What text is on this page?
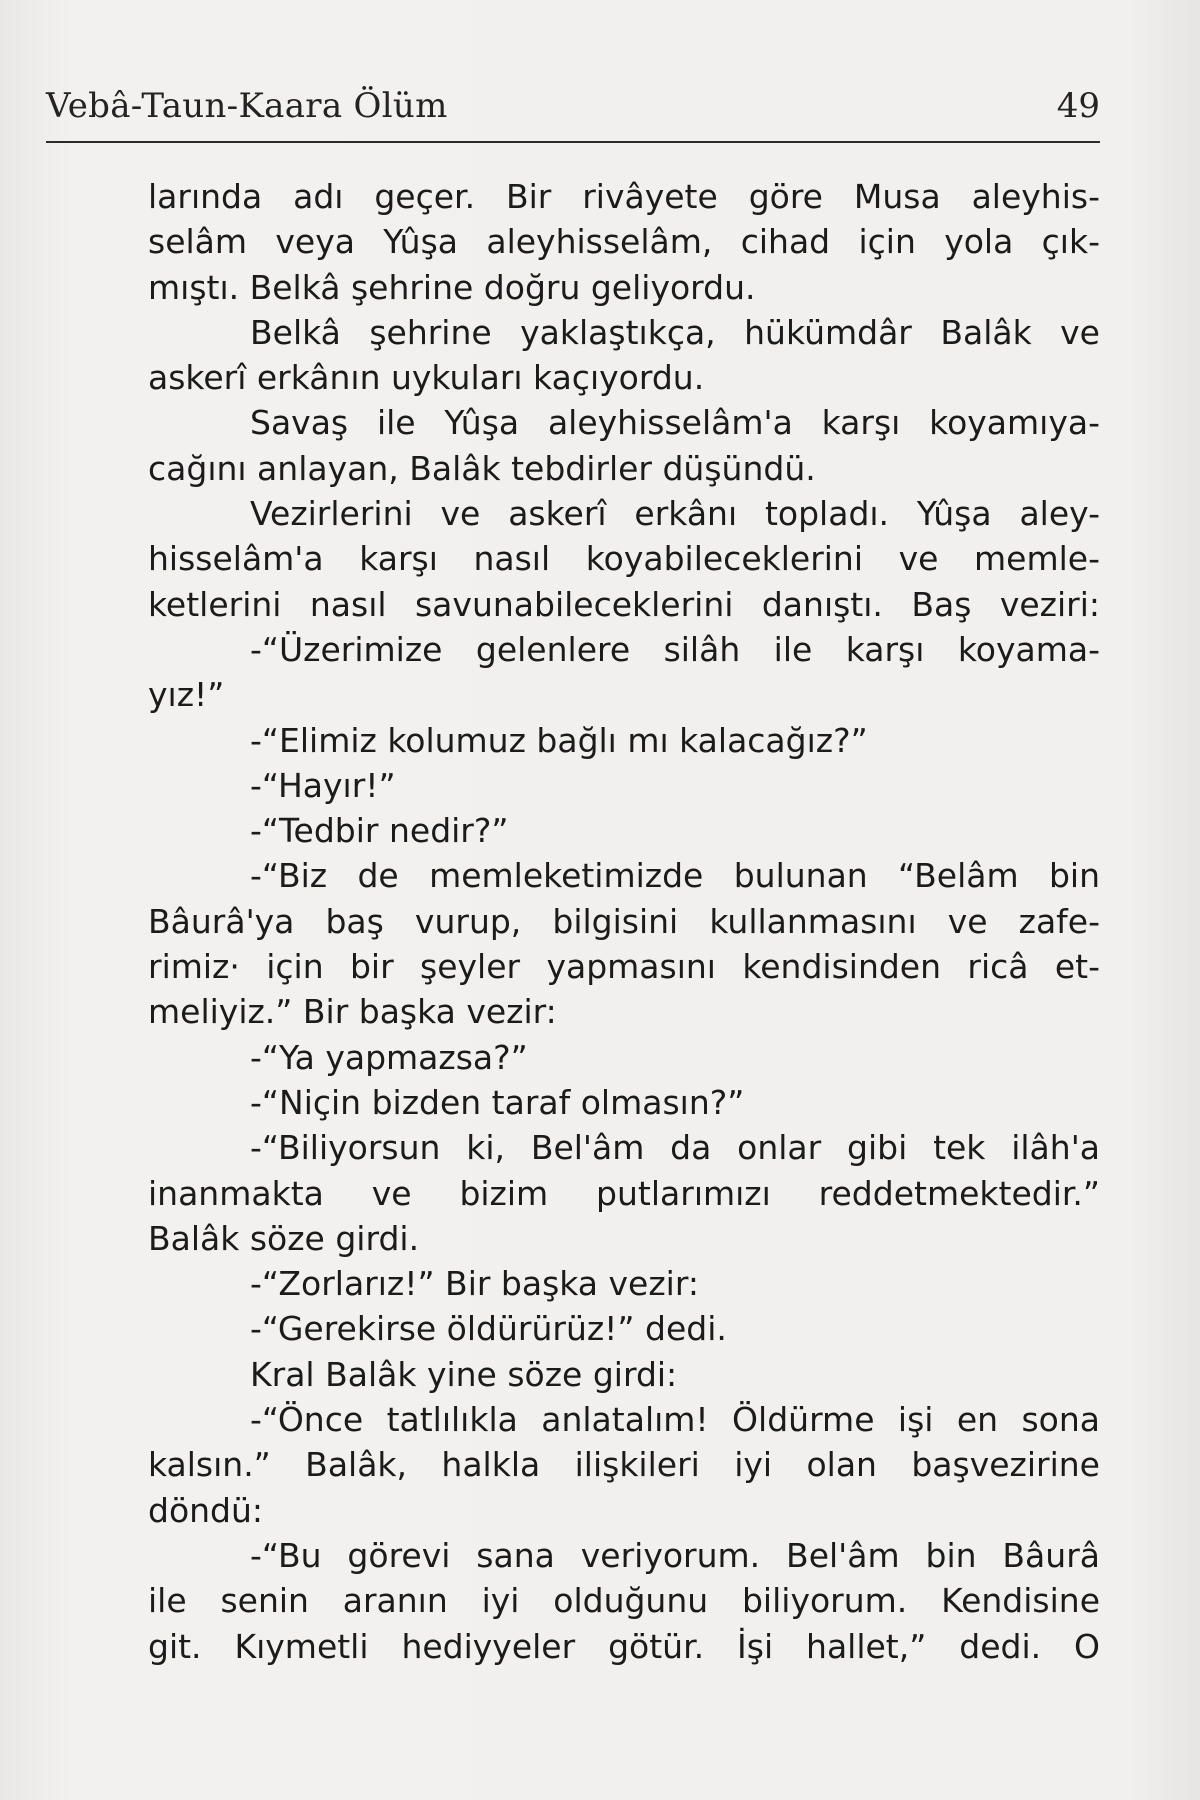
Vebâ-Taun-Kaara Ölüm	49
larında adı geçer. Bir rivâyete göre Musa aleyhis-
selâm veya Yûşa aleyhisselâm, cihad için yola çık-
mıştı. Belkâ şehrine doğru geliyordu.
Belkâ şehrine yaklaştıkça, hükümdâr Balâk ve
askerî erkânın uykuları kaçıyordu.
Savaş ile Yûşa aleyhisselâm'a karşı koyamıya-
cağını anlayan, Balâk tebdirler düşündü.
Vezirlerini ve askerî erkânı topladı. Yûşa aley-
hisselâm'a karşı nasıl koyabileceklerini ve memle-
ketlerini nasıl savunabileceklerini danıştı. Baş veziri:
-“Üzerimize gelenlere silâh ile karşı koyama-
yız!”
-“Elimiz kolumuz bağlı mı kalacağız?”
-“Hayır!”
-“Tedbir nedir?”
-“Biz de memleketimizde bulunan “Belâm bin
Bâurâ'ya baş vurup, bilgisini kullanmasını ve zafe-
rimiz· için bir şeyler yapmasını kendisinden ricâ et-
meliyiz.” Bir başka vezir:
-“Ya yapmazsa?”
-“Niçin bizden taraf olmasın?”
-“Biliyorsun ki, Bel'âm da onlar gibi tek ilâh'a
inanmakta ve bizim putlarımızı reddetmektedir.”
Balâk söze girdi.
-“Zorlarız!” Bir başka vezir:
-“Gerekirse öldürürüz!” dedi.
Kral Balâk yine söze girdi:
-“Önce tatlılıkla anlatalım! Öldürme işi en sona
kalsın.” Balâk, halkla ilişkileri iyi olan başvezirine
döndü:
-“Bu görevi sana veriyorum. Bel'âm bin Bâurâ
ile senin aranın iyi olduğunu biliyorum. Kendisine
git. Kıymetli hediyyeler götür. İşi hallet,” dedi. O
